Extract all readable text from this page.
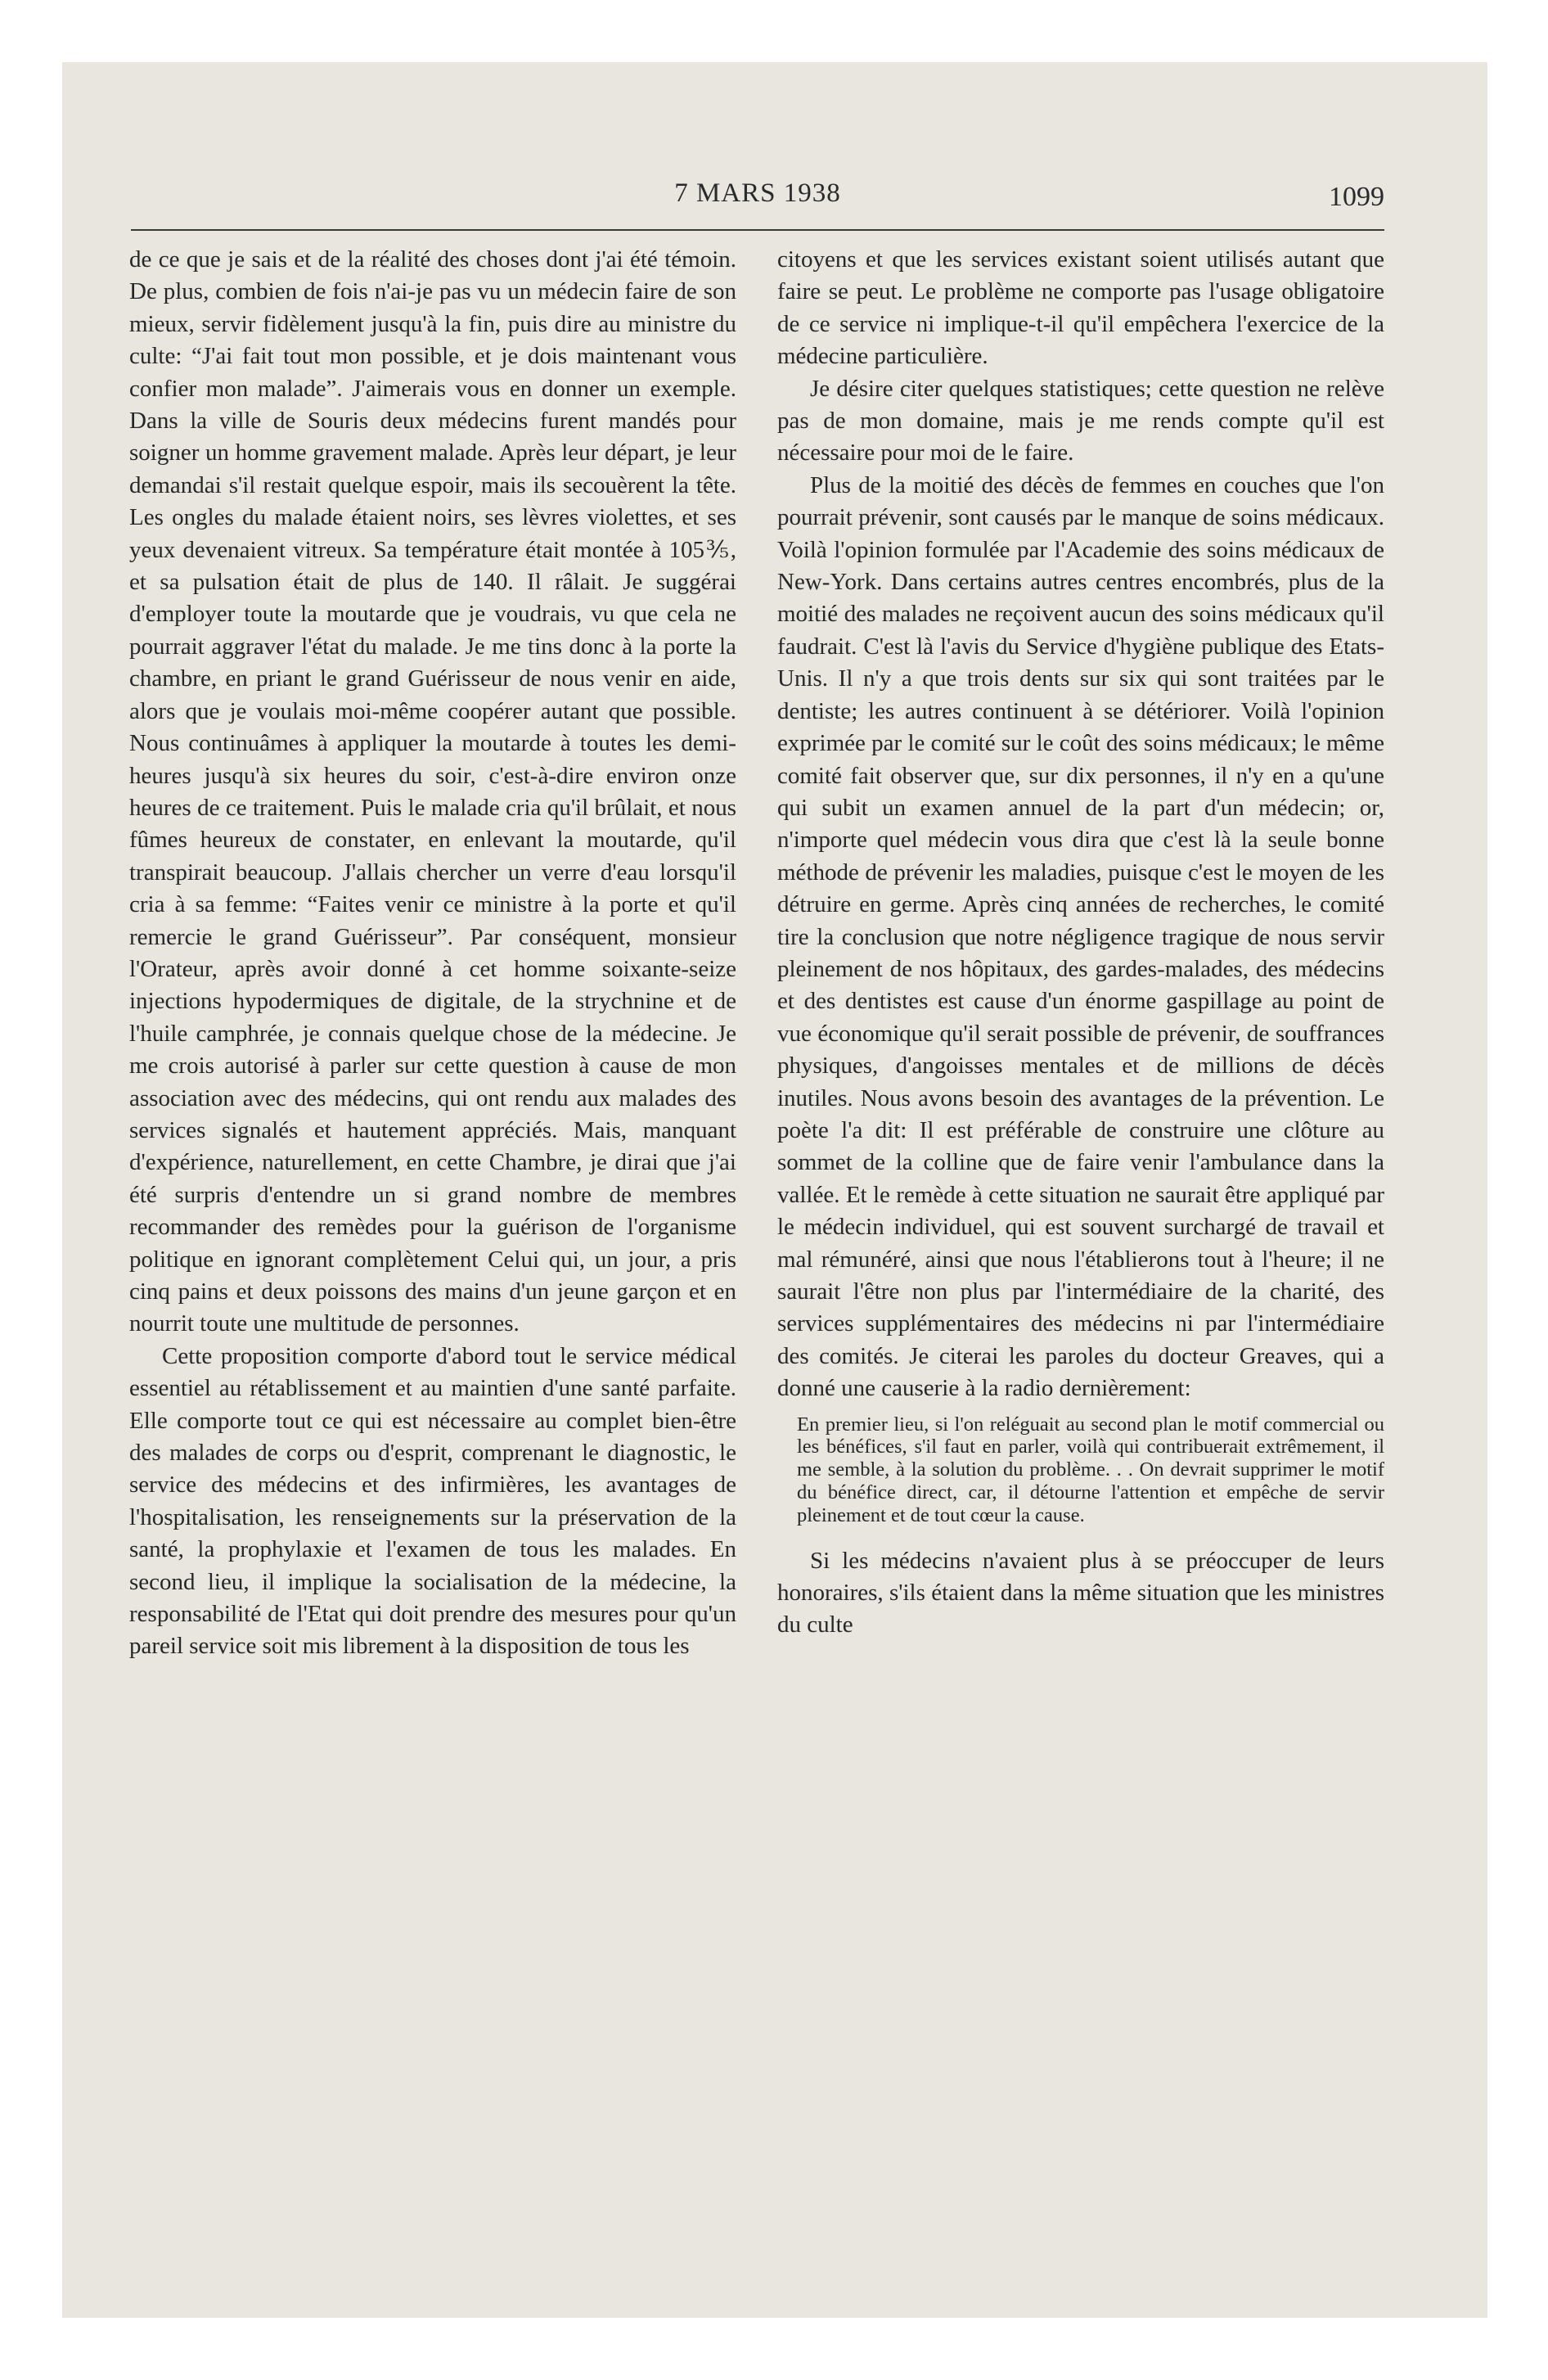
7 MARS 1938	1099

de ce que je sais et de la réalité des choses dont j'ai été témoin. De plus, combien de fois n'ai-je pas vu un médecin faire de son mieux, servir fidèlement jusqu'à la fin, puis dire au ministre du culte: “J'ai fait tout mon possible, et je dois maintenant vous confier mon malade”. J'aimerais vous en donner un exemple. Dans la ville de Souris deux médecins furent mandés pour soigner un homme gravement malade. Après leur départ, je leur demandai s'il restait quelque espoir, mais ils secouèrent la tête. Les ongles du malade étaient noirs, ses lèvres violettes, et ses yeux devenaient vitreux. Sa température était montée à 105⅗, et sa pulsation était de plus de 140. Il râlait. Je suggérai d'employer toute la moutarde que je voudrais, vu que cela ne pourrait aggraver l'état du malade. Je me tins donc à la porte la chambre, en priant le grand Guérisseur de nous venir en aide, alors que je voulais moi-même coopérer autant que possible. Nous continuâmes à appliquer la moutarde à toutes les demi-heures jusqu'à six heures du soir, c'est-à-dire environ onze heures de ce traitement. Puis le malade cria qu'il brûlait, et nous fûmes heureux de constater, en enlevant la moutarde, qu'il transpirait beaucoup. J'allais chercher un verre d'eau lorsqu'il cria à sa femme: “Faites venir ce ministre à la porte et qu'il remercie le grand Guérisseur”. Par conséquent, monsieur l'Orateur, après avoir donné à cet homme soixante-seize injections hypodermiques de digitale, de la strychnine et de l'huile camphrée, je connais quelque chose de la médecine. Je me crois autorisé à parler sur cette question à cause de mon association avec des médecins, qui ont rendu aux malades des services signalés et hautement appréciés. Mais, manquant d'expérience, naturellement, en cette Chambre, je dirai que j'ai été surpris d'entendre un si grand nombre de membres recommander des remèdes pour la guérison de l'organisme politique en ignorant complètement Celui qui, un jour, a pris cinq pains et deux poissons des mains d'un jeune garçon et en nourrit toute une multitude de personnes.

Cette proposition comporte d'abord tout le service médical essentiel au rétablissement et au maintien d'une santé parfaite. Elle comporte tout ce qui est nécessaire au complet bien-être des malades de corps ou d'esprit, comprenant le diagnostic, le service des médecins et des infirmières, les avantages de l'hospitalisation, les renseignements sur la préservation de la santé, la prophylaxie et l'examen de tous les malades. En second lieu, il implique la socialisation de la médecine, la responsabilité de l'Etat qui doit prendre des mesures pour qu'un pareil service soit mis librement à la disposition de tous les

citoyens et que les services existant soient utilisés autant que faire se peut. Le problème ne comporte pas l'usage obligatoire de ce service ni implique-t-il qu'il empêchera l'exercice de la médecine particulière.

Je désire citer quelques statistiques; cette question ne relève pas de mon domaine, mais je me rends compte qu'il est nécessaire pour moi de le faire.

Plus de la moitié des décès de femmes en couches que l'on pourrait prévenir, sont causés par le manque de soins médicaux. Voilà l'opinion formulée par l'Academie des soins médicaux de New-York. Dans certains autres centres encombrés, plus de la moitié des malades ne reçoivent aucun des soins médicaux qu'il faudrait. C'est là l'avis du Service d'hygiène publique des Etats-Unis. Il n'y a que trois dents sur six qui sont traitées par le dentiste; les autres continuent à se détériorer. Voilà l'opinion exprimée par le comité sur le coût des soins médicaux; le même comité fait observer que, sur dix personnes, il n'y en a qu'une qui subit un examen annuel de la part d'un médecin; or, n'importe quel médecin vous dira que c'est là la seule bonne méthode de prévenir les maladies, puisque c'est le moyen de les détruire en germe. Après cinq années de recherches, le comité tire la conclusion que notre négligence tragique de nous servir pleinement de nos hôpitaux, des gardes-malades, des médecins et des dentistes est cause d'un énorme gaspillage au point de vue économique qu'il serait possible de prévenir, de souffrances physiques, d'angoisses mentales et de millions de décès inutiles. Nous avons besoin des avantages de la prévention. Le poète l'a dit: Il est préférable de construire une clôture au sommet de la colline que de faire venir l'ambulance dans la vallée. Et le remède à cette situation ne saurait être appliqué par le médecin individuel, qui est souvent surchargé de travail et mal rémunéré, ainsi que nous l'établierons tout à l'heure; il ne saurait l'être non plus par l'intermédiaire de la charité, des services supplémentaires des médecins ni par l'intermédiaire des comités. Je citerai les paroles du docteur Greaves, qui a donné une causerie à la radio dernièrement:

En premier lieu, si l'on reléguait au second plan le motif commercial ou les bénéfices, s'il faut en parler, voilà qui contribuerait extrêmement, il me semble, à la solution du problème. . . On devrait supprimer le motif du bénéfice direct, car, il détourne l'attention et empêche de servir pleinement et de tout cœur la cause.

Si les médecins n'avaient plus à se préoccuper de leurs honoraires, s'ils étaient dans la même situation que les ministres du culte
